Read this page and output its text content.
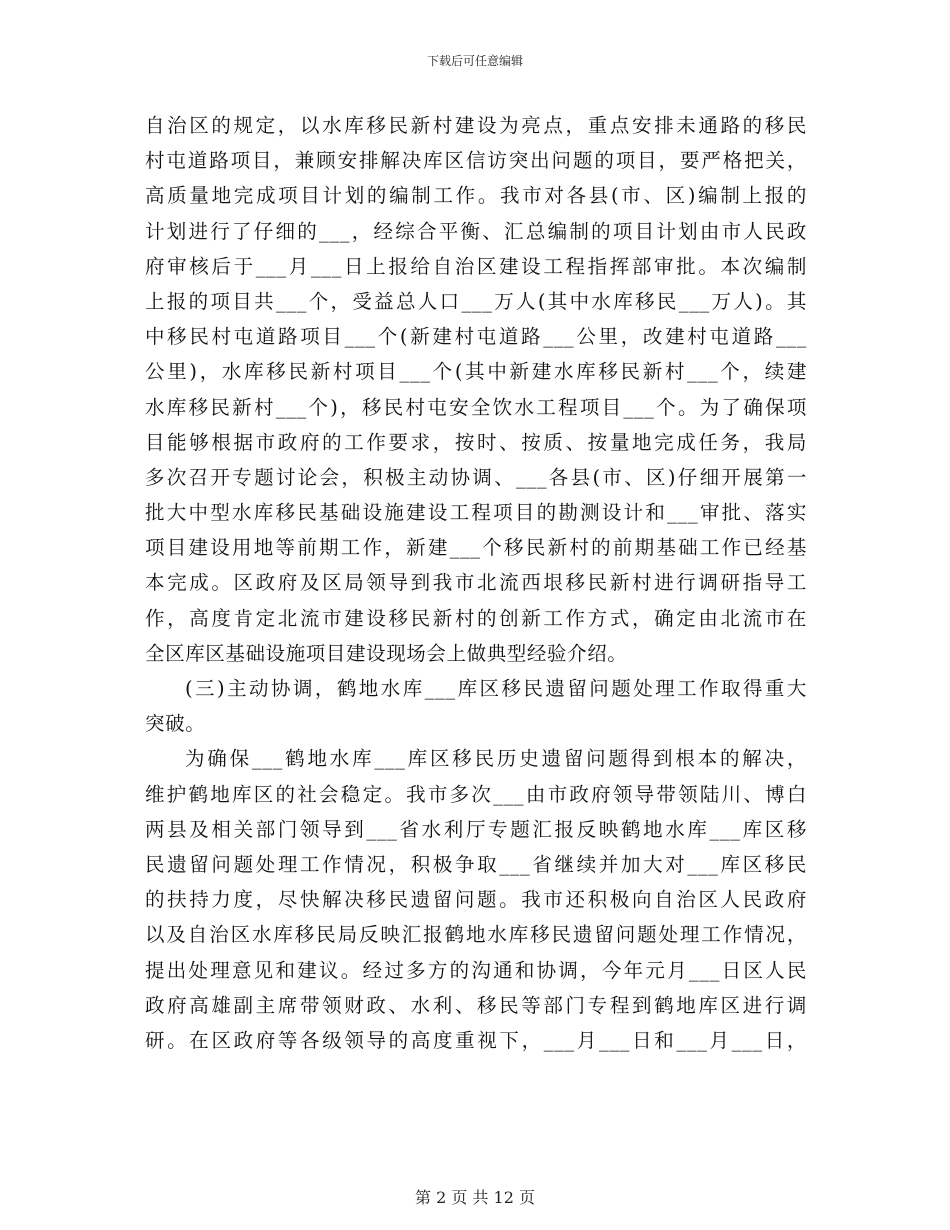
下载后可任意编辑
自治区的规定，以水库移民新村建设为亮点，重点安排未通路的移民
村屯道路项目，兼顾安排解决库区信访突出问题的项目，要严格把关，
高质量地完成项目计划的编制工作。我市对各县(市、区)编制上报的
计划进行了仔细的___，经综合平衡、汇总编制的项目计划由市人民政
府审核后于___月___日上报给自治区建设工程指挥部审批。本次编制
上报的项目共___个，受益总人口___万人(其中水库移民___万人)。其
中移民村屯道路项目___个(新建村屯道路___公里，改建村屯道路___
公里)，水库移民新村项目___个(其中新建水库移民新村___个，续建
水库移民新村___个)，移民村屯安全饮水工程项目___个。为了确保项
目能够根据市政府的工作要求，按时、按质、按量地完成任务，我局
多次召开专题讨论会，积极主动协调、___各县(市、区)仔细开展第一
批大中型水库移民基础设施建设工程项目的勘测设计和___审批、落实
项目建设用地等前期工作，新建___个移民新村的前期基础工作已经基
本完成。区政府及区局领导到我市北流西垠移民新村进行调研指导工
作，高度肯定北流市建设移民新村的创新工作方式，确定由北流市在
全区库区基础设施项目建设现场会上做典型经验介绍。
(三)主动协调，鹤地水库___库区移民遗留问题处理工作取得重大
突破。
为确保___鹤地水库___库区移民历史遗留问题得到根本的解决，
维护鹤地库区的社会稳定。我市多次___由市政府领导带领陆川、博白
两县及相关部门领导到___省水利厅专题汇报反映鹤地水库___库区移
民遗留问题处理工作情况，积极争取___省继续并加大对___库区移民
的扶持力度，尽快解决移民遗留问题。我市还积极向自治区人民政府
以及自治区水库移民局反映汇报鹤地水库移民遗留问题处理工作情况，
提出处理意见和建议。经过多方的沟通和协调，今年元月___日区人民
政府高雄副主席带领财政、水利、移民等部门专程到鹤地库区进行调
研。在区政府等各级领导的高度重视下，___月___日和___月___日，
第 2 页 共 12 页
